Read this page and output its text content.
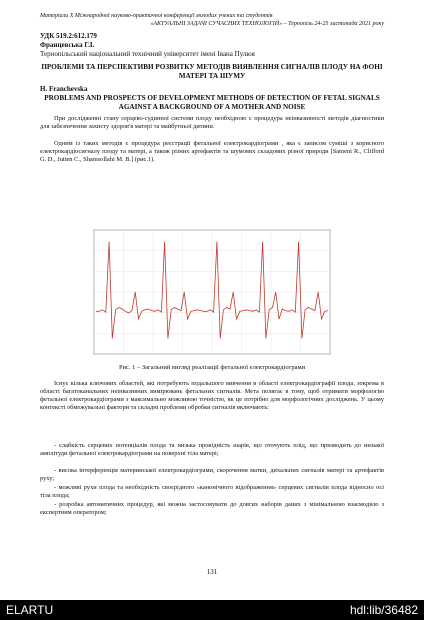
Матеріали Х Міжнародної науково-практичної конференції молодих учених та студентів
«АКТУАЛЬНІ ЗАДАЧІ СУЧАСНИХ ТЕХНОЛОГІЙ» – Тернопіль 24-25 листопада 2021 року
УДК 519.2:612.179
Францевська Г.І.
Тернопільський національний технічний університет імені Івана Пулюя
ПРОБЛЕМИ ТА ПЕРСПЕКТИВИ РОЗВИТКУ МЕТОДІВ ВИЯВЛЕННЯ СИГНАЛІВ ПЛОДУ НА ФОНІ МАТЕРІ ТА ШУМУ
H. Franchevska
PROBLEMS AND PROSPECTS OF DEVELOPMENT METHODS OF DETECTION OF FETAL SIGNALS AGAINST A BACKGROUND OF A MOTHER AND NOISE
При дослідженні стану серцево-судинної системи плоду необхідною є процедура неінвазивності методів діагностики для забезпечення захисту здоров'я матері та майбутньої дитини.
Одним із таких методів є процедура реєстрації фетальної електрокардіограми , яка є записом суміші з корисного електрокардіосигналу плоду та матері, а також різних артефактів та шумових складових різної природи [Sameni R., Clifford G. D., Jutten C., Shamsollahi M. B.] (рис.1).
Рис. 1 – Загальний вигляд реалізації фетальної електрокардіограми
Існує кілька ключових областей, які потребують подальшого вивчення в області електрокардіографії плода, зокрема в області багатоканальних неінвазивних вимірювань фетальних сигналів. Мета полягає в тому, щоб отримати морфологію фетальної електрокардіограми з максимально можливою точністю, як це потрібно для морфологічних досліджень. У цьому контексті обмежувальні фактори та складні проблеми обробки сигналів включають:
- слабкість серцевих потенціалів плода та низька провідність шарів, що оточують плід, що призводить до низької амплітуди фетальної електрокардіограми на поверхні тіла матері;
- висока інтерференція материнської електрокардіограми, скорочення матки, дихальних сигналів матері та артефактів руху;
- можливі рухи плода та необхідність своєрідного «канонічного відображення» серцевих сигналів плода відносно осі тіла плода;
- розробка автоматичних процедур, які можна застосовувати до довгих наборів даних з мінімальною взаємодією з експертним оператором;
131
ELARTU	hdl:lib/36482
